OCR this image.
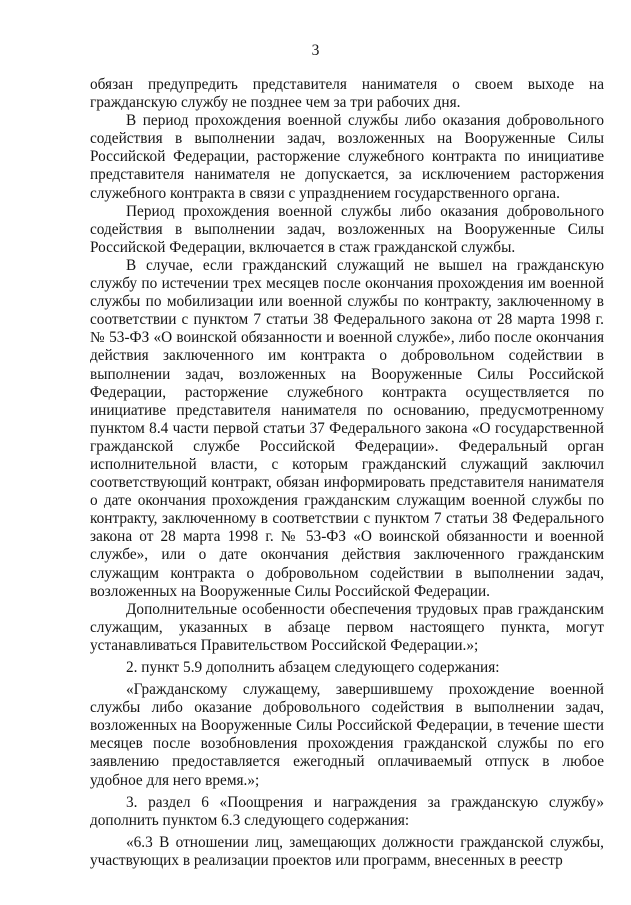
3

обязан предупредить представителя нанимателя о своем выходе на гражданскую службу не позднее чем за три рабочих дня.

В период прохождения военной службы либо оказания добровольного содействия в выполнении задач, возложенных на Вооруженные Силы Российской Федерации, расторжение служебного контракта по инициативе представителя нанимателя не допускается, за исключением расторжения служебного контракта в связи с упразднением государственного органа.

Период прохождения военной службы либо оказания добровольного содействия в выполнении задач, возложенных на Вооруженные Силы Российской Федерации, включается в стаж гражданской службы.

В случае, если гражданский служащий не вышел на гражданскую службу по истечении трех месяцев после окончания прохождения им военной службы по мобилизации или военной службы по контракту, заключенному в соответствии с пунктом 7 статьи 38 Федерального закона от 28 марта 1998 г. № 53-ФЗ «О воинской обязанности и военной службе», либо после окончания действия заключенного им контракта о добровольном содействии в выполнении задач, возложенных на Вооруженные Силы Российской Федерации, расторжение служебного контракта осуществляется по инициативе представителя нанимателя по основанию, предусмотренному пунктом 8.4 части первой статьи 37 Федерального закона «О государственной гражданской службе Российской Федерации». Федеральный орган исполнительной власти, с которым гражданский служащий заключил соответствующий контракт, обязан информировать представителя нанимателя о дате окончания прохождения гражданским служащим военной службы по контракту, заключенному в соответствии с пунктом 7 статьи 38 Федерального закона от 28 марта 1998 г. № 53-ФЗ «О воинской обязанности и военной службе», или о дате окончания действия заключенного гражданским служащим контракта о добровольном содействии в выполнении задач, возложенных на Вооруженные Силы Российской Федерации.

Дополнительные особенности обеспечения трудовых прав гражданским служащим, указанных в абзаце первом настоящего пункта, могут устанавливаться Правительством Российской Федерации.»;

2. пункт 5.9 дополнить абзацем следующего содержания:

«Гражданскому служащему, завершившему прохождение военной службы либо оказание добровольного содействия в выполнении задач, возложенных на Вооруженные Силы Российской Федерации, в течение шести месяцев после возобновления прохождения гражданской службы по его заявлению предоставляется ежегодный оплачиваемый отпуск в любое удобное для него время.»;

3. раздел 6 «Поощрения и награждения за гражданскую службу» дополнить пунктом 6.3 следующего содержания:

«6.3 В отношении лиц, замещающих должности гражданской службы, участвующих в реализации проектов или программ, внесенных в реестр
